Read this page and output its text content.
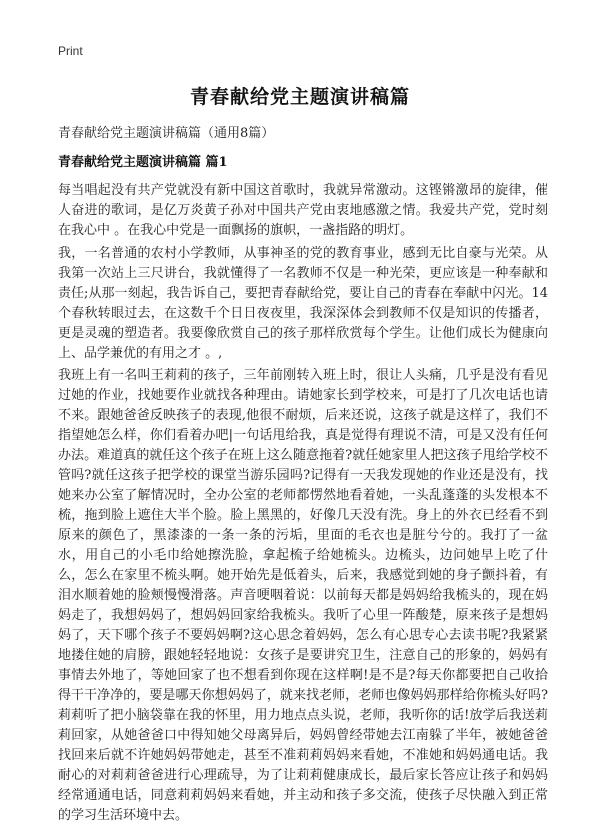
Print
青春献给党主题演讲稿篇
青春献给党主题演讲稿篇（通用8篇）
青春献给党主题演讲稿篇 篇1

每当唱起没有共产党就没有新中国这首歌时，我就异常激动。这铿锵激昂的旋律，催人奋进的歌词，是亿万炎黄子孙对中国共产党由衷地感激之情。我爱共产党，党时刻在我心中 。在我心中党是一面飘扬的旗帜，一盏指路的明灯。

我，一名普通的农村小学教师，从事神圣的党的教育事业，感到无比自豪与光荣。从我第一次站上三尺讲台，我就懂得了一名教师不仅是一种光荣，更应该是一种奉献和责任;从那一刻起，我告诉自己，要把青春献给党，要让自己的青春在奉献中闪光。14个春秋转眼过去，在这数千个日日夜夜里，我深深体会到教师不仅是知识的传播者，更是灵魂的塑造者。我要像欣赏自己的孩子那样欣赏每个学生。让他们成长为健康向上、品学兼优的有用之才 。,

我班上有一名叫王莉莉的孩子，三年前刚转入班上时，很让人头痛，几乎是没有看见过她的作业，找她要作业就找各种理由。请她家长到学校来，可是打了几次电话也请不来。跟她爸爸反映孩子的表现,他很不耐烦，后来还说，这孩子就是这样了，我们不指望她怎么样，你们看着办吧|一句话甩给我，真是觉得有理说不清，可是又没有任何办法。难道真的就任这个孩子在班上这么随意拖着?就任她家里人把这孩子甩给学校不管吗?就任这孩子把学校的课堂当游乐园吗?记得有一天我发现她的作业还是没有，找她来办公室了解情况时，全办公室的老师都愣然地看着她，一头乱蓬蓬的头发根本不梳，拖到脸上遮住大半个脸。脸上黑黑的，好像几天没有洗。身上的外衣已经看不到原来的颜色了，黑漆漆的一条一条的污垢，里面的毛衣也是脏兮兮的。我打了一盆水，用自己的小毛巾给她擦洗脸，拿起梳子给她梳头。边梳头，边问她早上吃了什么，怎么在家里不梳头啊。她开始先是低着头，后来，我感觉到她的身子颤抖着，有泪水顺着她的脸颊慢慢滑落。声音哽咽着说：以前每天都是妈妈给我梳头的，现在妈妈走了，我想妈妈了，想妈妈回家给我梳头。我听了心里一阵酸楚，原来孩子是想妈妈了，天下哪个孩子不要妈妈啊?这心思念着妈妈，怎么有心思专心去读书呢?我紧紧地搂住她的肩膀，跟她轻轻地说：女孩子是要讲究卫生，注意自己的形象的，妈妈有事情去外地了，等她回家了也不想看到你现在这样啊!是不是?每天你都要把自己收拾得干干净净的，要是哪天你想妈妈了，就来找老师，老师也像妈妈那样给你梳头好吗?莉莉听了把小脑袋靠在我的怀里，用力地点点头说，老师，我听你的话!放学后我送莉莉回家，从她爸爸口中得知她父母离异后，妈妈曾经带她去江南躲了半年，被她爸爸找回来后就不许她妈妈带她走，甚至不准莉莉妈妈来看她，不准她和妈妈通电话。我耐心的对莉莉爸爸进行心理疏导，为了让莉莉健康成长，最后家长答应让孩子和妈妈经常通通电话，同意莉莉妈妈来看她，并主动和孩子多交流，使孩子尽快融入到正常的学习生活环境中去。
